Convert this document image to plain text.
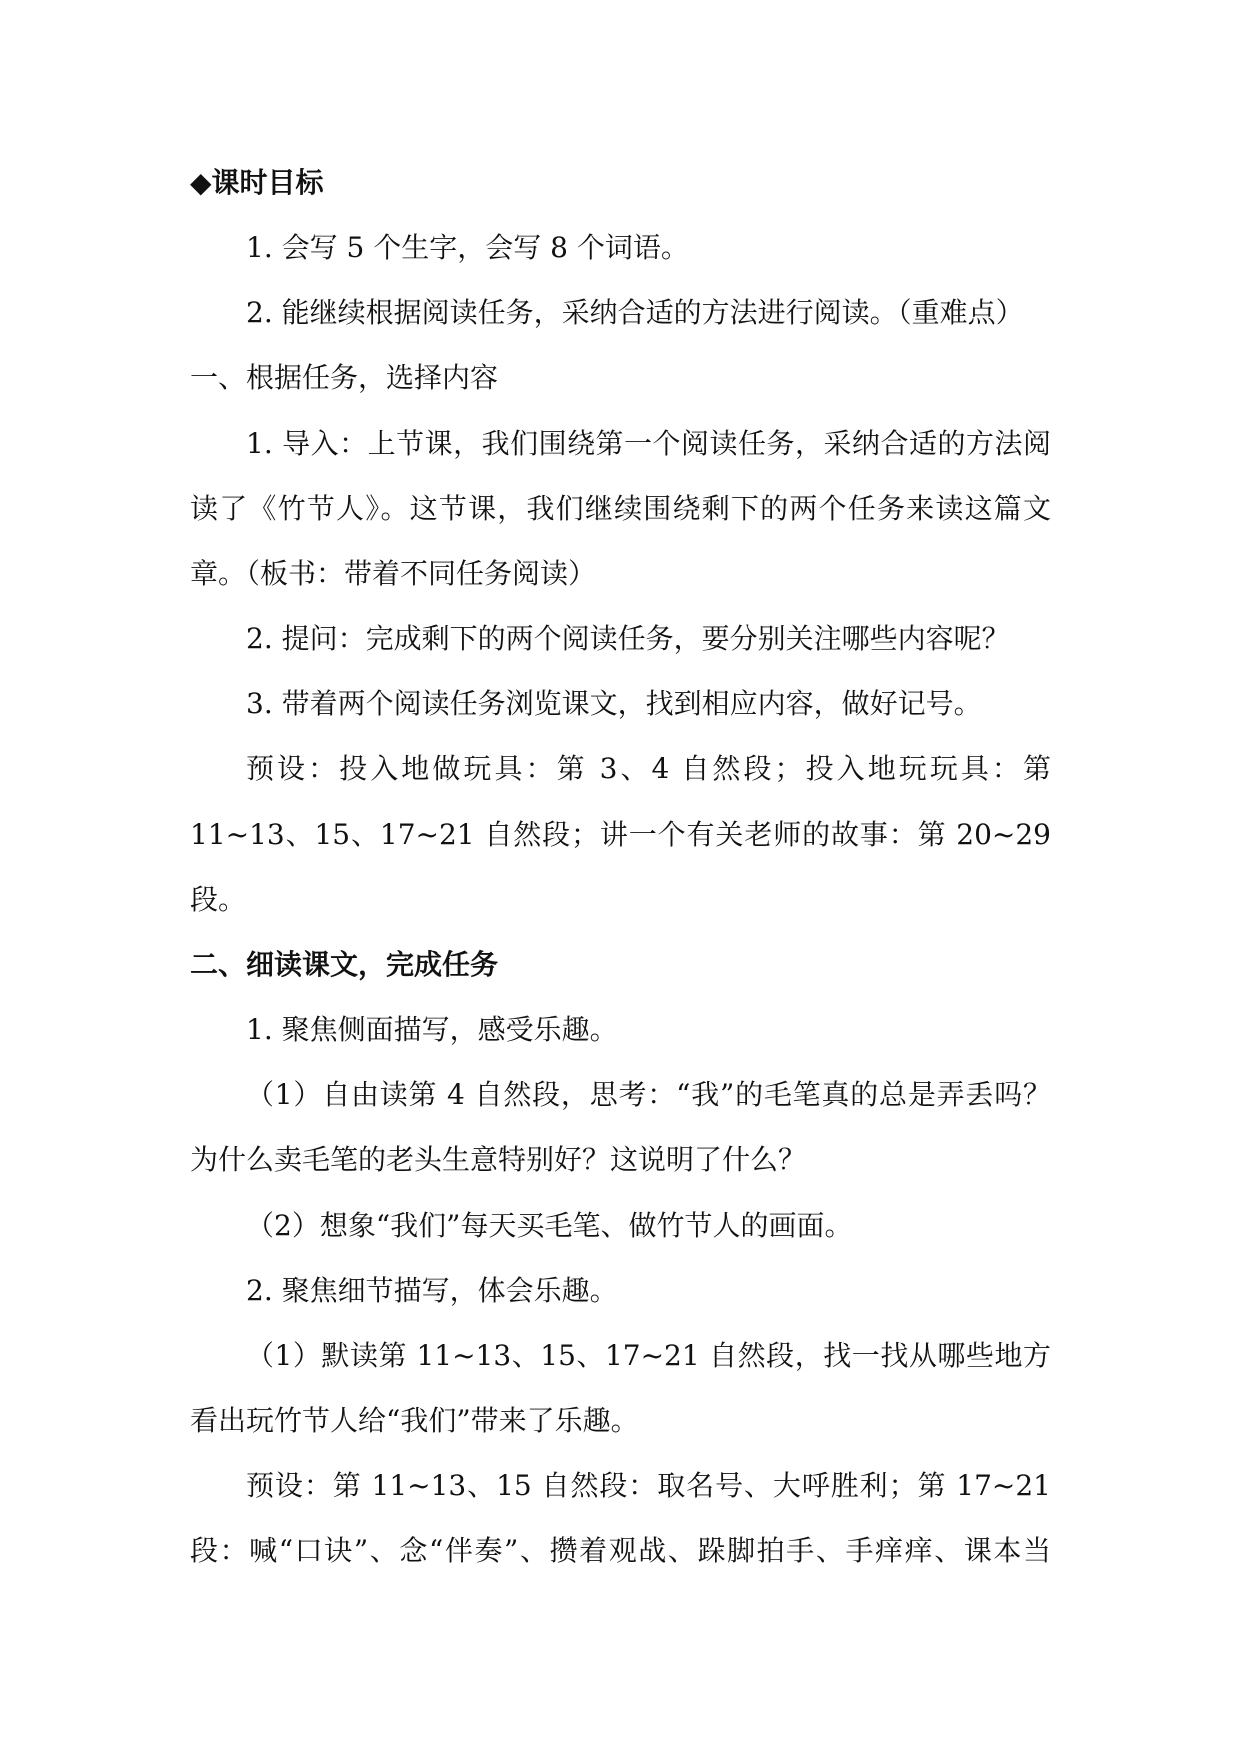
◆课时目标
1. 会写 5 个生字，会写 8 个词语。
2. 能继续根据阅读任务，采纳合适的方法进行阅读。（重难点）
一、根据任务，选择内容
1. 导入：上节课，我们围绕第一个阅读任务，采纳合适的方法阅
读了《竹节人》。这节课，我们继续围绕剩下的两个任务来读这篇文
章。（板书：带着不同任务阅读）
2. 提问：完成剩下的两个阅读任务，要分别关注哪些内容呢？
3. 带着两个阅读任务浏览课文，找到相应内容，做好记号。
预设：投入地做玩具：第 3、4 自然段；投入地玩玩具：第
11~13、15、17~21 自然段；讲一个有关老师的故事：第 20~29
段。
二、细读课文，完成任务
1. 聚焦侧面描写，感受乐趣。
（1）自由读第 4 自然段，思考：“我”的毛笔真的总是弄丢吗？
为什么卖毛笔的老头生意特别好？这说明了什么？
（2）想象“我们”每天买毛笔、做竹节人的画面。
2. 聚焦细节描写，体会乐趣。
（1）默读第 11~13、15、17~21 自然段，找一找从哪些地方
看出玩竹节人给“我们”带来了乐趣。
预设：第 11~13、15 自然段：取名号、大呼胜利；第 17~21
段：喊“口诀”、念“伴奏”、攒着观战、跺脚拍手、手痒痒、课本当
